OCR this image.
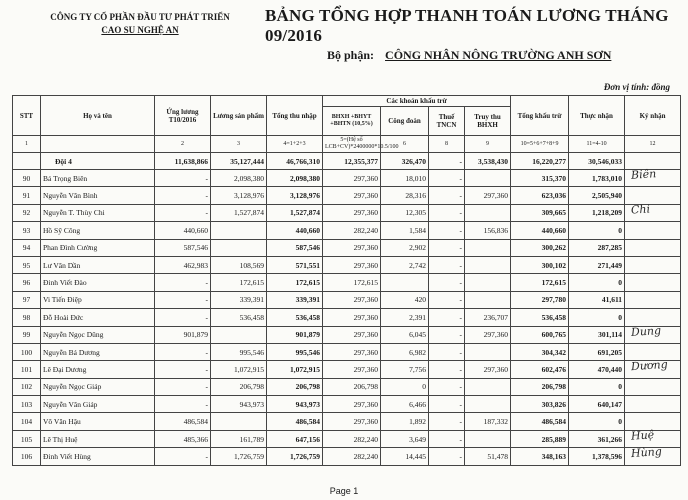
CÔNG TY CỔ PHẦN ĐẦU TƯ PHÁT TRIỂN
CAO SU NGHỆ AN
BẢNG TỔNG HỢP THANH TOÁN LƯƠNG THÁNG 09/2016
Bộ phận: CÔNG NHÂN NÔNG TRƯỜNG ANH SƠN
Đơn vị tính: đồng
STT	Họ và tên	Ứng lương T10/2016	Lương sản phẩm	Tổng thu nhập	Các khoản khấu trừ				Tổng khấu trừ	Thực nhận	Ký nhận
					BHXH +BHYT +BHTN (10,5%)	Công đoàn	Thuế TNCN	Truy thu BHXH			
1		2	3	4=1+2+3	5=(Hệ số LCB+CV)*2400000*10.5/100	6	8	9	10=5+6+7+8+9	11=4-10	12
	Đội 4	11,638,866	35,127,444	46,766,310	12,355,377	326,470	-	3,538,430	16,220,277	30,546,033	
90	Bá Trọng Biên	-	2,098,380	2,098,380	297,360	18,010	-		315,370	1,783,010	Biên

91	Nguyễn Văn Bình	-	3,128,976	3,128,976	297,360	28,316	-	297,360	623,036	2,505,940	

92	Nguyễn T. Thùy Chi	-	1,527,874	1,527,874	297,360	12,305	-		309,665	1,218,209	Chi

93	Hồ Sỹ Công	440,660		440,660	282,240	1,584	-	156,836	440,660	0	

94	Phan Đình Cường	587,546		587,546	297,360	2,902	-		300,262	287,285	

95	Lư Văn Dần	462,983	108,569	571,551	297,360	2,742	-		300,102	271,449	

96	Đinh Viết Đào	-	172,615	172,615	172,615		-		172,615	0	

97	Vi Tiến Điệp	-	339,391	339,391	297,360	420	-		297,780	41,611	

98	Đỗ Hoài Đức	-	536,458	536,458	297,360	2,391	-	236,707	536,458	0	

99	Nguyễn Ngọc Dũng	901,879		901,879	297,360	6,045	-	297,360	600,765	301,114	Dung

100	Nguyễn Bá Dương	-	995,546	995,546	297,360	6,982	-		304,342	691,205	

101	Lê Đại Dương	-	1,072,915	1,072,915	297,360	7,756	-	297,360	602,476	470,440	Dương

102	Nguyễn Ngọc Giáp	-	206,798	206,798	206,798	0	-		206,798	0	

103	Nguyễn Văn Giáp	-	943,973	943,973	297,360	6,466	-		303,826	640,147	

104	Võ Văn Hậu	486,584		486,584	297,360	1,892	-	187,332	486,584	0	

105	Lê Thị Huệ	485,366	161,789	647,156	282,240	3,649	-		285,889	361,266	Huệ

106	Đinh Viết Hùng	-	1,726,759	1,726,759	282,240	14,445	-	51,478	348,163	1,378,596	Hùng
Page 1
